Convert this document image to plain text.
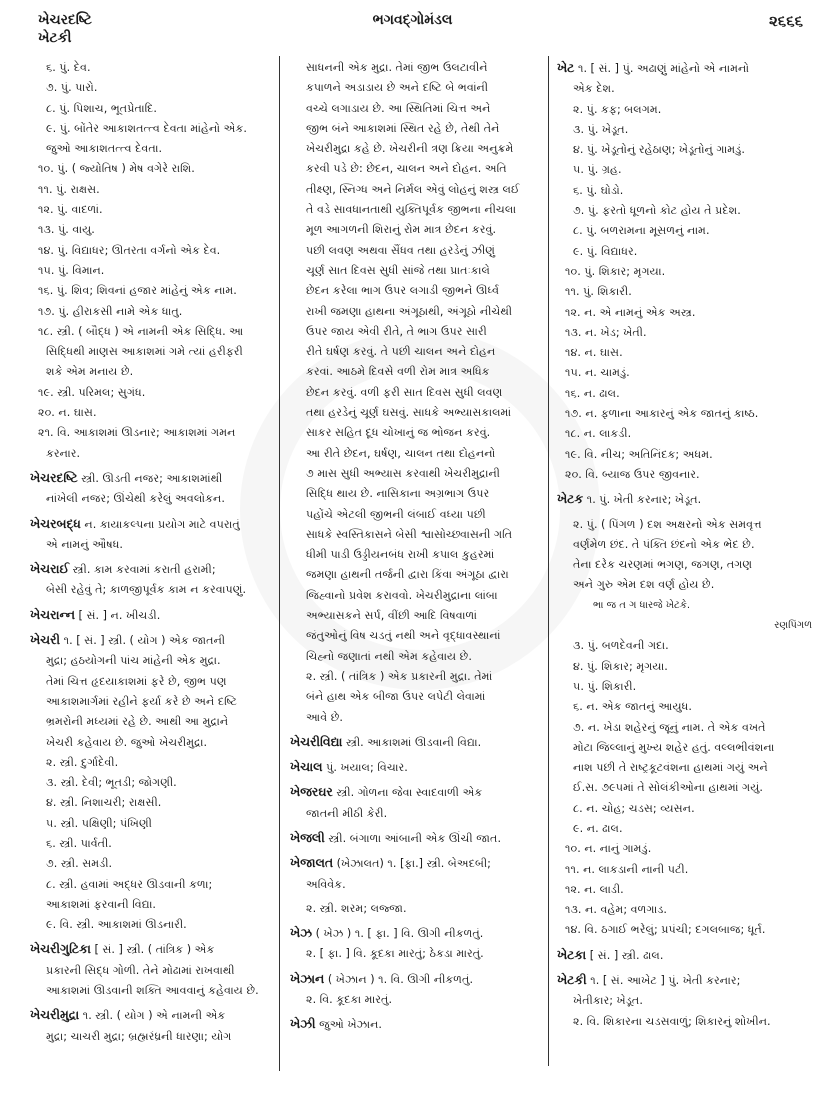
ખેચરદષ્ટિ
ખેટકી
ભગવદ્ગોમંડલ	૨૬૬૬
૬. પું. દેવ.
૭. પું. પારો.
૮. પું. પિશાચ, ભૂતપ્રેતાદિ.
૯. પું. બોંતેર આકાશતત્ત્વ દેવતા માંહેનો એક.
જુઓ આકાશતત્ત્વ દેવતા.
૧૦. પું. ( જ્યોતિષ ) મેષ વગેરે રાશિ.
૧૧. પું. રાક્ષસ.
૧૨. પું. વાદળાં.
૧૩. પું. વાયુ.
૧૪. પું. વિદ્યાધર; ઊતરતા વર્ગનો એક દેવ.
૧૫. પું. વિમાન.
૧૬. પું. શિવ; શિવનાં હજાર માંહેનું એક નામ.
૧૭. પું. હીરાકસી નામે એક ધાતુ.
૧૮. સ્ત્રી. ( બૌદ્ધ ) એ નામની એક સિદ્ધિ. આ
સિદ્ધિથી માણસ આકાશમાં ગમે ત્યાં હરીફરી
શકે એમ મનાય છે.
૧૯. સ્ત્રી. પરિમલ; સુગંધ.
૨૦. ન. ઘાસ.
૨૧. વિ. આકાશમાં ઊડનાર; આકાશમાં ગમન
કરનાર.
ખેચરદષ્ટિ સ્ત્રી. ઊડતી નજર; આકાશમાંથી
નાંખેલી નજર; ઊંચેથી કરેલું અવલોકન.
ખેચરબદ્ધ ન. કાયાકલ્પના પ્રયોગ માટે વપરાતું
એ નામનું ઔષધ.
ખેચરાઈ સ્ત્રી. કામ કરવામાં કરાતી હરામી;
બેસી રહેવું તે; કાળજીપૂર્વક કામ ન કરવાપણું.
ખેચરાન્ન [ સં. ] ન. ખીચડી.
ખેચરી ૧. [ સં. ] સ્ત્રી. ( યોગ ) એક જાતની
મુદ્રા; હઠયોગની પાંચ માંહેની એક મુદ્રા.
તેમાં ચિત્ત હૃદયાકાશમાં ફરે છે, જીભ પણ
આકાશમાર્ગમાં રહીને ફર્યા કરે છે અને દષ્ટિ
ભ્રમરોની મધ્યમાં રહે છે. આથી આ મુદ્રાને
ખેચરી કહેવાય છે. જુઓ ખેચરીમુદ્રા.
૨. સ્ત્રી. દુર્ગાદેવી.
૩. સ્ત્રી. દેવી; ભૂતડી; જોગણી.
૪. સ્ત્રી. નિશાચરી; રાક્ષસી.
૫. સ્ત્રી. પક્ષિણી; પંખિણી
૬. સ્ત્રી. પાર્વતી.
૭. સ્ત્રી. સમડી.
૮. સ્ત્રી. હવામાં અદ્ધર ઊડવાની કળા;
આકાશમાં ફરવાની વિદ્યા.
૯. વિ. સ્ત્રી. આકાશમાં ઊડનારી.
ખેચરીગુટિકા [ સં. ] સ્ત્રી. ( તાંત્રિક ) એક
પ્રકારની સિદ્ધ ગોળી. તેને મોઢામાં રાખવાથી
આકાશમાં ઊડવાની શક્તિ આવવાનું કહેવાય છે.
ખેચરીમુદ્રા ૧. સ્ત્રી. ( યોગ ) એ નામની એક
મુદ્રા; ચાચરી મુદ્રા; બ્રહ્મરંધ્રની ધારણા; યોગ
સાધનની એક મુદ્રા. તેમાં જીભ ઉલટાવીને
કપાળને અડાડાય છે અને દષ્ટિ બે ભવાંની
વચ્ચે લગાડાય છે. આ સ્થિતિમાં ચિત્ત અને
જીભ બંને આકાશમાં સ્થિત રહે છે, તેથી તેને
ખેચરીમુદ્રા કહે છે. ખેચરીની ત્રણ ક્રિયા અનુક્રમે
કરવી પડે છે: છેદન, ચાલન અને દોહન. અતિ
તીક્ષ્ણ, સ્નિગ્ધ અને નિર્મલ એવું લોહનું શસ્ત્ર લઈ
તે વડે સાવધાનતાથી યુક્તિપૂર્વક જીભના નીચલા
મૂળ આગળની શિરાનું રોમ માત્ર છેદન કરવું.
પછી લવણ અથવા સૈંધવ તથા હરડેનું ઝીણું
ચૂર્ણ સાત દિવસ સુધી સાંજે તથા પ્રાતઃકાલે
છેદન કરેલા ભાગ ઉપર લગાડી જીભને ઊર્ધ્વ
રાખી જમણા હાથના અંગૂઠાથી, અંગૂઠો નીચેથી
ઉપર જાય એવી રીતે, તે ભાગ ઉપર સારી
રીતે ઘર્ષણ કરવું. તે પછી ચાલન અને દોહન
કરવાં. આઠમે દિવસે વળી રોમ માત્ર અધિક
છેદન કરવું. વળી ફરી સાત દિવસ સુધી લવણ
તથા હરડેનું ચૂર્ણ ઘસવું. સાધકે અભ્યાસકાલમાં
સાકર સહિત દૂધ ચોખાનું જ ભોજન કરવું.
આ રીતે છેદન, ઘર્ષણ, ચાલન તથા દોહનનો
૭ માસ સુધી અભ્યાસ કરવાથી ખેચરીમુદ્રાની
સિદ્ધિ થાય છે. નાસિકાના અગ્રભાગ ઉપર
પહોંચે એટલી જીભની લંબાઈ વધ્યા પછી
સાધકે સ્વસ્તિકાસને બેસી શ્વાસોચ્છ્વાસની ગતિ
ધીમી પાડી ઉડ્ડીયનબંધ રાખી કપાલ કુહરમાં
જમણા હાથની તર્જની દ્વારા કિંવા અંગૂઠા દ્વારા
જિહ્વાનો પ્રવેશ કરાવવો. ખેચરીમુદ્રાના લાંબા
અભ્યાસકને સર્પ, વીંછી આદિ વિષવાળાં
જંતુઓનું વિષ ચડતું નથી અને વૃદ્ધાવસ્થાનાં
ચિહ્નો જણાતાં નથી એમ કહેવાય છે.
૨. સ્ત્રી. ( તાંત્રિક ) એક પ્રકારની મુદ્રા. તેમાં
બંને હાથ એક બીજા ઉપર લપેટી લેવામાં
આવે છે.
ખેચરીવિદ્યા સ્ત્રી. આકાશમાં ઊડવાની વિદ્યા.
ખેચાલ પું. ખયાલ; વિચાર.
ખેજરઘર સ્ત્રી. ગોળના જેવા સ્વાદવાળી એક
જાતની મીઠી કેરી.
ખેજલી સ્ત્રી. બંગાળા આંબાની એક ઊંચી જાત.
ખેજાલત (ખેઝાલત) ૧. [ફા.] સ્ત્રી. બેઅદબી;
અવિવેક.
૨. સ્ત્રી. શરમ; લજ્જા.
ખેઝ ( ખેઝ ) ૧. [ ફા. ] વિ. ઊગી નીકળતું.
૨. [ ફા. ] વિ. કૂદકા મારતું; ઠેકડા મારતું.
ખેઝાન ( ખેઝાન ) ૧. વિ. ઊગી નીકળતું.
૨. વિ. કૂદકા મારતું.
ખેઝી જુઓ ખેઝાન.
ખેટ ૧. [ સં. ] પું. અઢાણું માંહેનો એ નામનો
એક દેશ.
૨. પું. કફ; બલગમ.
૩. પું. ખેડૂત.
૪. પું. ખેડૂતોનું રહેઠાણ; ખેડૂતોનું ગામડું.
૫. પું. ગ્રહ.
૬. પું. ઘોડો.
૭. પું. ફરતો ધૂળનો કોટ હોય તે પ્રદેશ.
૮. પું. બળરામના મૂસળનું નામ.
૯. પું. વિદ્યાધર.
૧૦. પું. શિકાર; મૃગયા.
૧૧. પું. શિકારી.
૧૨. ન. એ નામનું એક અસ્ત્ર.
૧૩. ન. ખેડ; ખેતી.
૧૪. ન. ઘાસ.
૧૫. ન. ચામડું.
૧૬. ન. ઢાલ.
૧૭. ન. ફળાના આકારનું એક જાતનું કાષ્ઠ.
૧૮. ન. લાકડી.
૧૯. વિ. નીચ; અતિનિંદક; અધમ.
૨૦. વિ. બ્યાજ ઉપર જીવનાર.
ખેટક ૧. પું. ખેતી કરનાર; ખેડૂત.
૨. પું. ( પિંગળ ) દશ અક્ષરનો એક સમવૃત્ત
વર્ણમેળ છંદ. તે પંક્તિ છંદનો એક ભેદ છે.
તેના દરેક ચરણમાં ભગણ, જગણ, તગણ
અને ગુરુ એમ દશ વર્ણ હોય છે.
ભા જ ત ગ ધારજે ખેટકે.
રણપિંગળ
૩. પું. બળદેવની ગદા.
૪. પું. શિકાર; મૃગયા.
૫. પું. શિકારી.
૬. ન. એક જાતનું આયુધ.
૭. ન. ખેડા શહેરનું જૂનું નામ. તે એક વખતે
મોટા જિલ્લાનું મુખ્ય શહેર હતું. વલ્લભીવંશના
નાશ પછી તે રાષ્ટ્રકૂટવંશના હાથમાં ગયું અને
ઈ.સ. ૭૯૫માં તે સોલંકીઓના હાથમાં ગયું.
૮. ન. ચોહ; ચડસ; વ્યસન.
૯. ન. ઢાલ.
૧૦. ન. નાનું ગામડું.
૧૧. ન. લાકડાની નાની પટી.
૧૨. ન. લાડી.
૧૩. ન. વહેમ; વળગાડ.
૧૪. વિ. ઠગાઈ ભરેલું; પ્રપંચી; દગલબાજ; ધૂર્ત.
ખેટકા [ સં. ] સ્ત્રી. ઢાલ.
ખેટકી ૧. [ સં. આખેટ ] પું. ખેતી કરનાર;
ખેતીકાર; ખેડૂત.
૨. વિ. શિકારના ચડસવાળું; શિકારનું શોખીન.
